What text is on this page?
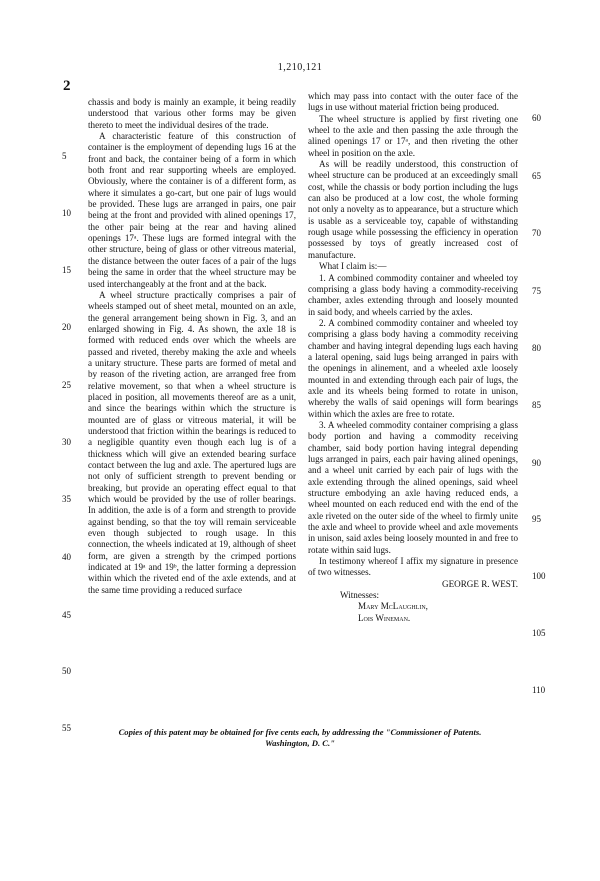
2
1,210,121
5
10
15
20
25
30
35
40
45
50
55
60
65
70
75
80
85
90
95
100
105
110

chassis and body is mainly an example, it being readily understood that various other forms may be given thereto to meet the individual desires of the trade.

A characteristic feature of this construction of container is the employment of depending lugs 16 at the front and back, the container being of a form in which both front and rear supporting wheels are employed. Obviously, where the container is of a different form, as where it simulates a go-cart, but one pair of lugs would be provided. These lugs are arranged in pairs, one pair being at the front and provided with alined openings 17, the other pair being at the rear and having alined openings 17ᵃ. These lugs are formed integral with the other structure, being of glass or other vitreous material, the distance between the outer faces of a pair of the lugs being the same in order that the wheel structure may be used interchangeably at the front and at the back.

A wheel structure practically comprises a pair of wheels stamped out of sheet metal, mounted on an axle, the general arrangement being shown in Fig. 3, and an enlarged showing in Fig. 4. As shown, the axle 18 is formed with reduced ends over which the wheels are passed and riveted, thereby making the axle and wheels a unitary structure. These parts are formed of metal and by reason of the riveting action, are arranged free from relative movement, so that when a wheel structure is placed in position, all movements thereof are as a unit, and since the bearings within which the structure is mounted are of glass or vitreous material, it will be understood that friction within the bearings is reduced to a negligible quantity even though each lug is of a thickness which will give an extended bearing surface contact between the lug and axle. The apertured lugs are not only of sufficient strength to prevent bending or breaking, but provide an operating effect equal to that which would be provided by the use of roller bearings. In addition, the axle is of a form and strength to provide against bending, so that the toy will remain serviceable even though subjected to rough usage. In this connection, the wheels indicated at 19, although of sheet form, are given a strength by the crimped portions indicated at 19ᵃ and 19ᵇ, the latter forming a depression within which the riveted end of the axle extends, and at the same time providing a reduced surface

which may pass into contact with the outer face of the lugs in use without material friction being produced.

The wheel structure is applied by first riveting one wheel to the axle and then passing the axle through the alined openings 17 or 17ᵃ, and then riveting the other wheel in position on the axle.

As will be readily understood, this construction of wheel structure can be produced at an exceedingly small cost, while the chassis or body portion including the lugs can also be produced at a low cost, the whole forming not only a novelty as to appearance, but a structure which is usable as a serviceable toy, capable of withstanding rough usage while possessing the efficiency in operation possessed by toys of greatly increased cost of manufacture.

What I claim is:—

1. A combined commodity container and wheeled toy comprising a glass body having a commodity-receiving chamber, axles extending through and loosely mounted in said body, and wheels carried by the axles.

2. A combined commodity container and wheeled toy comprising a glass body having a commodity receiving chamber and having integral depending lugs each having a lateral opening, said lugs being arranged in pairs with the openings in alinement, and a wheeled axle loosely mounted in and extending through each pair of lugs, the axle and its wheels being formed to rotate in unison, whereby the walls of said openings will form bearings within which the axles are free to rotate.

3. A wheeled commodity container comprising a glass body portion and having a commodity receiving chamber, said body portion having integral depending lugs arranged in pairs, each pair having alined openings, and a wheel unit carried by each pair of lugs with the axle extending through the alined openings, said wheel structure embodying an axle having reduced ends, a wheel mounted on each reduced end with the end of the axle riveted on the outer side of the wheel to firmly unite the axle and wheel to provide wheel and axle movements in unison, said axles being loosely mounted in and free to rotate within said lugs.

In testimony whereof I affix my signature in presence of two witnesses.

GEORGE R. WEST.

Witnesses:

Mary McLaughlin,

Lois Wineman.

Copies of this patent may be obtained for five cents each, by addressing the "Commissioner of Patents.
Washington, D. C."
